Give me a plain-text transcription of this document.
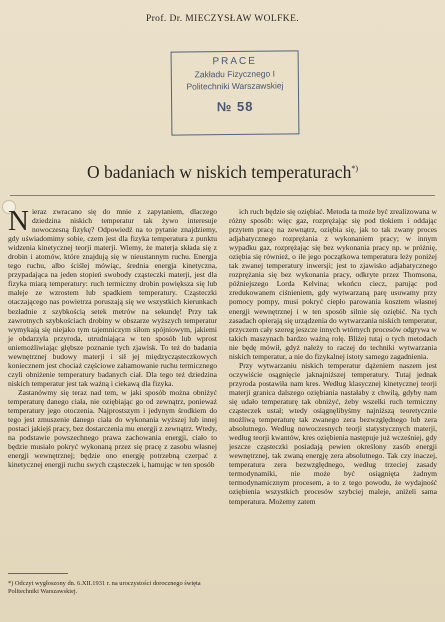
Prof. Dr. MIECZYSŁAW WOLFKE.
PRACE
Zakładu Fizycznego I
Politechniki Warszawskiej
№ 58
O badaniach w niskich temperaturach*)

Nieraz zwracano się do mnie z zapytaniem, dlaczego dziedzina niskich temperatur tak żywo interesuje nowoczesną fizykę? Odpowiedź na to pytanie znajdziemy, gdy uświadomimy sobie, czem jest dla fizyka temperatura z punktu widzenia kinetycznej teorji materji. Wiemy, że materja składa się z drobin i atomów, które znajdują się w nieustannym ruchu. Energja tego ruchu, albo ściślej mówiąc, średnia energja kinetyczna, przypadająca na jeden stopień swobody cząsteczki materji, jest dla fizyka miarą temperatury: ruch termiczny drobin powiększa się lub maleje ze wzrostem lub spadkiem temperatury. Cząsteczki otaczającego nas powietrza poruszają się we wszystkich kierunkach bezładnie z szybkością setek metrów na sekundę! Przy tak zawrotnych szybkościach drobiny w obszarze wyższych temperatur wymykają się niejako tym tajemniczym siłom spójniowym, jakiemi je obdarzyła przyroda, utrudniająca w ten sposób lub wprost uniemożliwiając głębsze poznanie tych zjawisk. To też do badania wewnętrznej budowy materji i sił jej międzycząsteczkowych koniecznem jest chociaż częściowe zahamowanie ruchu termicznego czyli obniżenie temperatury badanych ciał. Dla tego też dziedzina niskich temperatur jest tak ważną i ciekawą dla fizyka.

Zastanówmy się teraz nad tem, w jaki sposób można obniżyć temperaturę danego ciała, nie oziębiając go od zewnątrz, ponieważ temperatury jego otoczenia. Najprostszym i jedynym środkiem do tego jest zmuszenie danego ciała do wykonania wyższej lub innej postaci jakiejś pracy, bez dostarczenia mu energji z zewnątrz. Wtedy, na podstawie powszechnego prawa zachowania energji, ciało to będzie musiało pokryć wykonaną przez się pracę z zasobu własnej energji wewnętrznej; będzie ono energję potrzebną czerpać z kinetycznej energji ruchu swych cząsteczek i, hamując w ten sposób

ich ruch będzie się oziębiać. Metoda ta może być zrealizowana w różny sposób: więc gaz, rozprężając się pod tłokiem i oddając przytem pracę na zewnątrz, oziębia się, jak to tak zwany proces adjabatycznego rozprężania z wykonaniem pracy; w innym wypadku gaz, rozprężając się bez wykonania pracy np. w próżnię, oziębia się również, o ile jego początkowa temperatura leży poniżej tak zwanej temperatury inwersji; jest to zjawisko adjabatycznego rozprężania się bez wykonania pracy, odkryte przez Thomsona, późniejszego Lorda Kelvina; wkońcu ciecz, parując pod zredukowanem ciśnieniem, gdy wytwarzaną parę usuwamy przy pomocy pompy, musi pokryć ciepło parowania kosztem własnej energji wewnętrznej i w ten sposób silnie się oziębić. Na tych zasadach opierają się urządzenia do wytwarzania niskich temperatur, przyczem cały szereg jeszcze innych wtórnych procesów odgrywa w takich maszynach bardzo ważną rolę. Bliżej tutaj o tych metodach nie będę mówił, gdyż należy to raczej do techniki wytwarzania niskich temperatur, a nie do fizykalnej istoty samego zagadnienia.

Przy wytwarzaniu niskich temperatur dążeniem naszem jest oczywiście osągnięcie jaknajniższej temperatury. Tutaj jednak przyroda postawiła nam kres. Według klasycznej kinetycznej teorji materji granica dalszego oziębiania nastałaby z chwilą, gdyby nam się udało temperaturę tak obniżyć, żeby wszelki ruch termiczny cząsteczek ustał; wtedy osiągnęlibyśmy najniższą teoretycznie możliwą temperaturę tak zwanego zera bezwzględnego lub zera absolutnego. Według nowoczesnych teorji statystycznych materji, według teorji kwantów, kres oziębienia następuje już wcześniej, gdy jeszcze cząsteczki posiadają pewien określony zasób energji wewnętrznej, tak zwaną energję zera absolutnego. Tak czy inaczej, temperatura zera bezwzględnego, według trzeciej zasady termodynamiki, nie może być osiągnięta żadnym termodynamicznym procesem, a to z tego powodu, że wydajność oziębienia wszystkich procesów szybciej maleje, aniżeli sama temperatura. Możemy zatem

*) Odczyt wygłoszony dn. 6.XII.1931 r. na uroczystości dorocznego święta Politechniki Warszawskiej.
